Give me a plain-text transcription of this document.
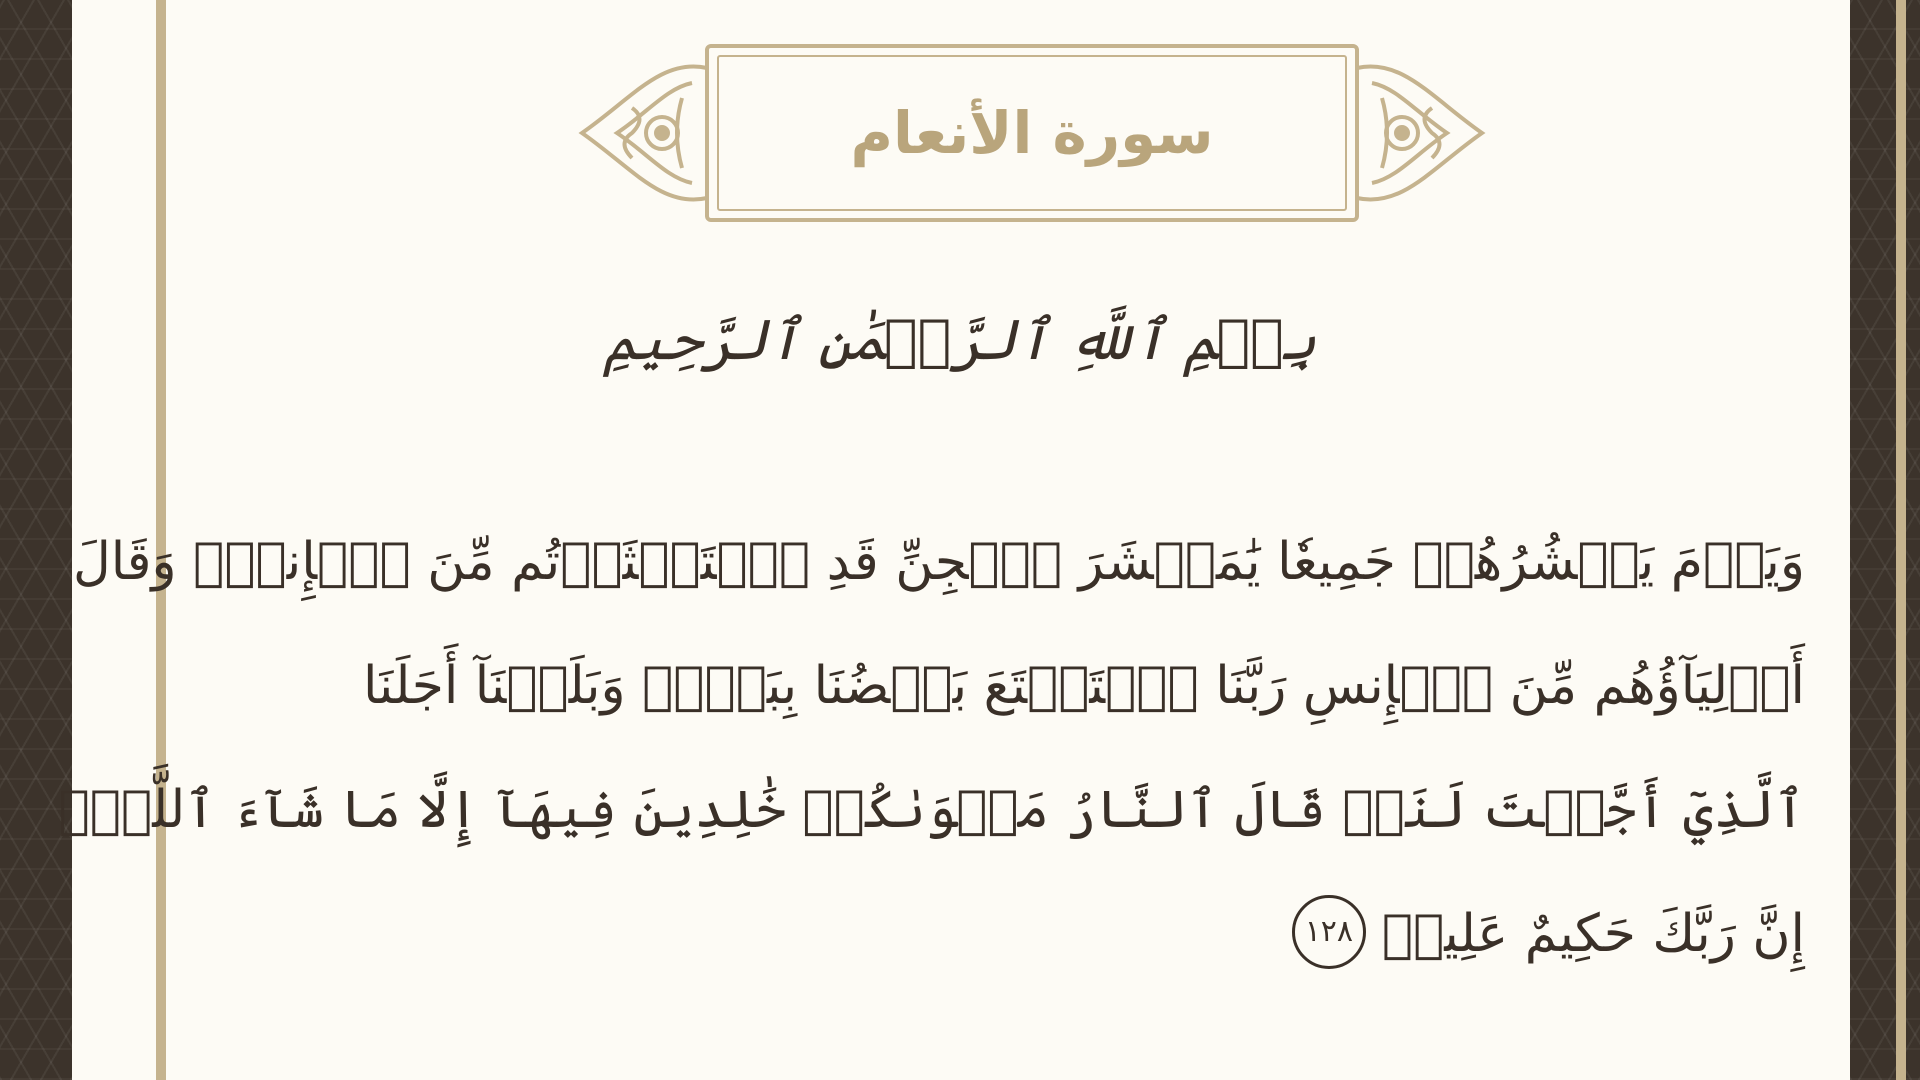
سورة الأنعام
بِسۡمِ ٱللَّهِ ٱلرَّحۡمَٰنِ ٱلرَّحِيمِ
وَيَوۡمَ يَحۡشُرُهُمۡ جَمِيعٗا يَٰمَعۡشَرَ ٱلۡجِنِّ قَدِ ٱسۡتَكۡثَرۡتُم مِّنَ ٱلۡإِنسِۖ وَقَالَ
أَوۡلِيَآؤُهُم مِّنَ ٱلۡإِنسِ رَبَّنَا ٱسۡتَمۡتَعَ بَعۡضُنَا بِبَعۡضٖ وَبَلَغۡنَآ أَجَلَنَا
ٱلَّذِيٓ أَجَّلۡتَ لَنَاۚ قَالَ ٱلنَّارُ مَثۡوَىٰكُمۡ خَٰلِدِينَ فِيهَآ إِلَّا مَا شَآءَ ٱللَّهُۗ
إِنَّ رَبَّكَ حَكِيمٌ عَلِيمٞ١٢٨
